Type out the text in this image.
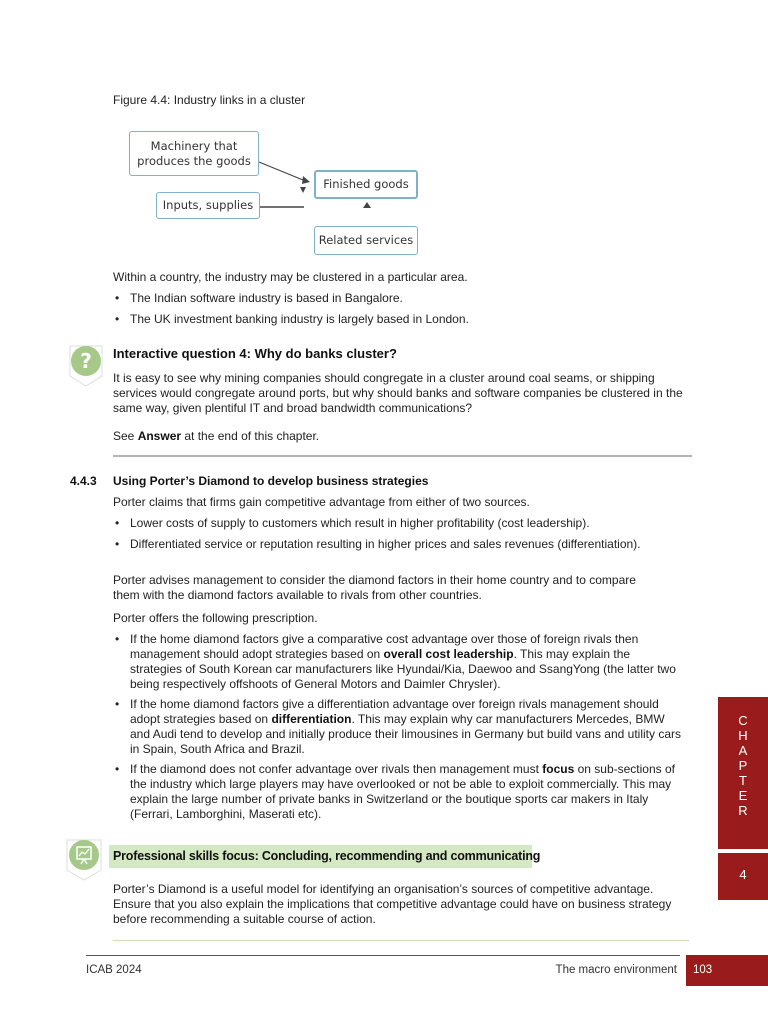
Figure 4.4: Industry links in a cluster
Machinery that produces the goods
Inputs, supplies
Finished goods
Related services

Within a country, the industry may be clustered in a particular area.

• The Indian software industry is based in Bangalore.
• The UK investment banking industry is largely based in London.
? Interactive question 4: Why do banks cluster?

It is easy to see why mining companies should congregate in a cluster around coal seams, or shipping services would congregate around ports, but why should banks and software companies be clustered in the same way, given plentiful IT and broad bandwidth communications?

See Answer at the end of this chapter.

4.4.3 Using Porter’s Diamond to develop business strategies

Porter claims that firms gain competitive advantage from either of two sources.

• Lower costs of supply to customers which result in higher profitability (cost leadership).
• Differentiated service or reputation resulting in higher prices and sales revenues (differentiation).

Porter advises management to consider the diamond factors in their home country and to compare them with the diamond factors available to rivals from other countries.

Porter offers the following prescription.

• If the home diamond factors give a comparative cost advantage over those of foreign rivals then management should adopt strategies based on overall cost leadership. This may explain the strategies of South Korean car manufacturers like Hyundai/Kia, Daewoo and SsangYong (the latter two being respectively offshoots of General Motors and Daimler Chrysler).
• If the home diamond factors give a differentiation advantage over foreign rivals management should adopt strategies based on differentiation. This may explain why car manufacturers Mercedes, BMW and Audi tend to develop and initially produce their limousines in Germany but build vans and utility cars in Spain, South Africa and Brazil.
• If the diamond does not confer advantage over rivals then management must focus on sub-sections of the industry which large players may have overlooked or not be able to exploit commercially. This may explain the large number of private banks in Switzerland or the boutique sports car makers in Italy (Ferrari, Lamborghini, Maserati etc).
Professional skills focus: Concluding, recommending and communicating

Porter’s Diamond is a useful model for identifying an organisation’s sources of competitive advantage. Ensure that you also explain the implications that competitive advantage could have on business strategy before recommending a suitable course of action.

C
H
A
P
T
E
R
4
ICAB 2024	The macro environment 103
